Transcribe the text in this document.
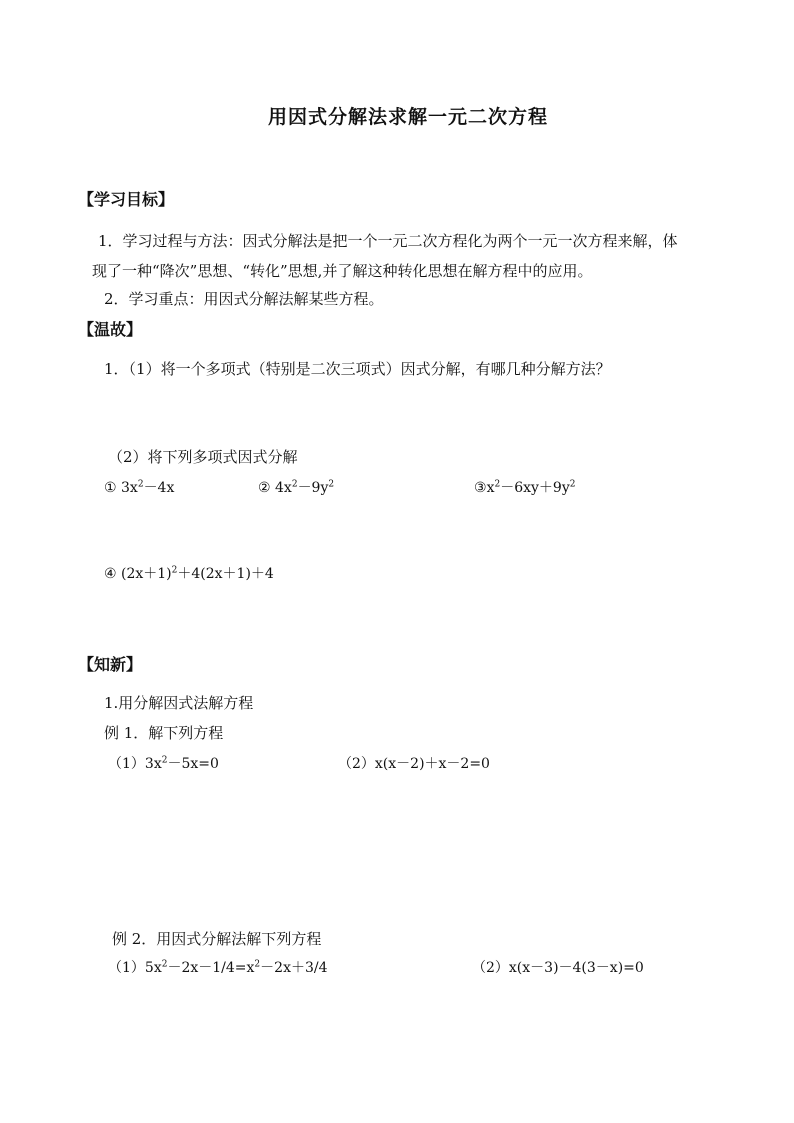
用因式分解法求解一元二次方程
【学习目标】
1．学习过程与方法：因式分解法是把一个一元二次方程化为两个一元一次方程来解，体
现了一种“降次”思想、“转化”思想,并了解这种转化思想在解方程中的应用。
2．学习重点：用因式分解法解某些方程。
【温故】
1．（1）将一个多项式（特别是二次三项式）因式分解，有哪几种分解方法？
（2）将下列多项式因式分解
① $3x^2-4x$	② $4x^2-9y^2$	$③x^2-6xy+9y^2$
④ $(2x+1)^2+4(2x+1)+4$
【知新】
1.用分解因式法解方程
例 1．解下列方程
$(1)3x^2-5x=0$	（2）x(x－2)＋x－2=0
例 2．用因式分解法解下列方程
$(1)5x^2-2x-1/4=x^2-2x+3/4$	（2）x(x－3)－4(3－x)=0
